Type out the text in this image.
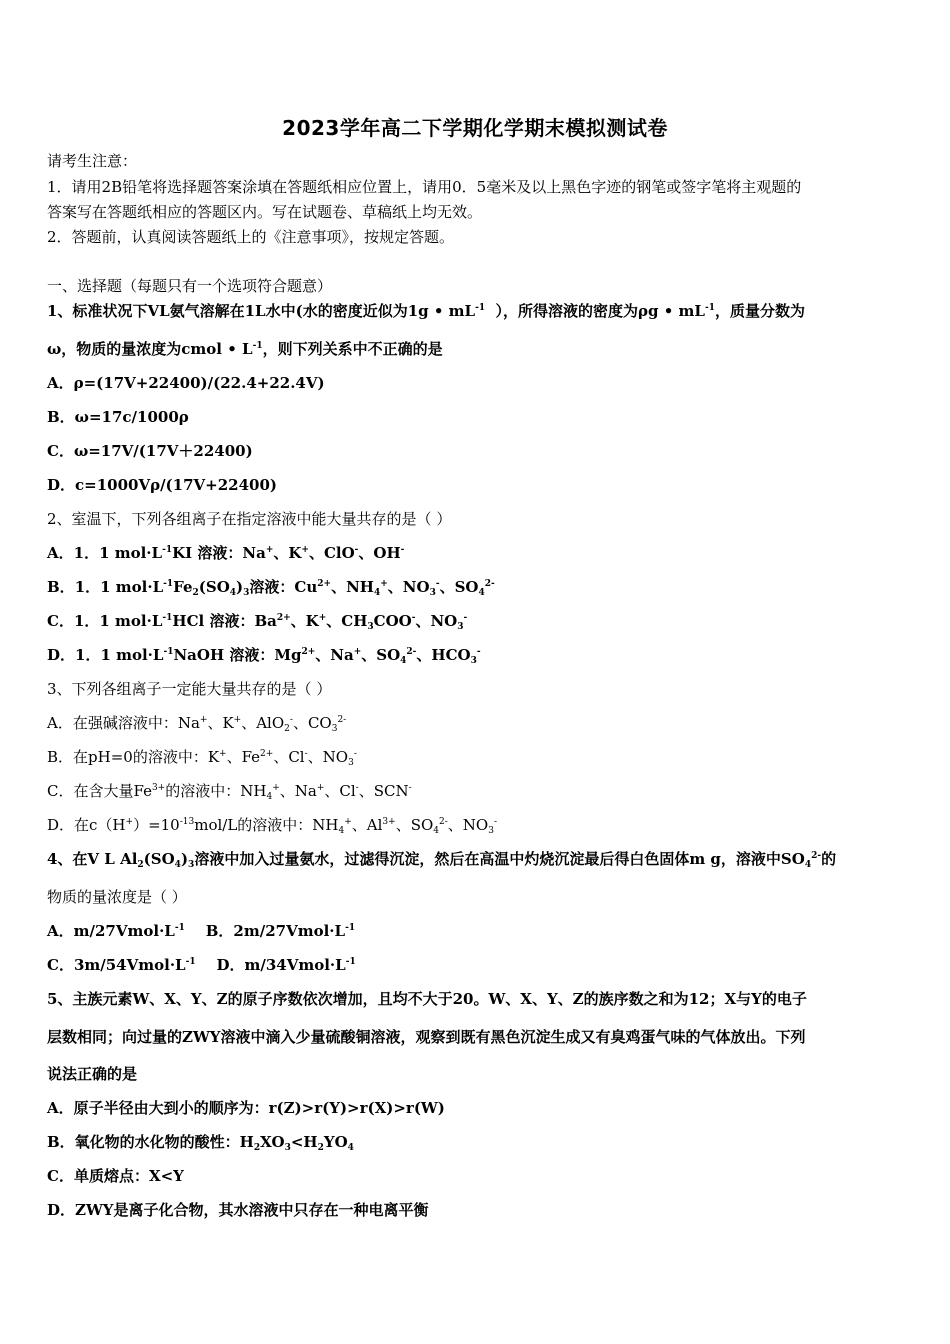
2023学年高二下学期化学期末模拟测试卷
请考生注意：
1．请用2B铅笔将选择题答案涂填在答题纸相应位置上，请用0．5毫米及以上黑色字迹的钢笔或签字笔将主观题的
答案写在答题纸相应的答题区内。写在试题卷、草稿纸上均无效。
2．答题前，认真阅读答题纸上的《注意事项》，按规定答题。
一、选择题（每题只有一个选项符合题意）
1、标准状况下VL氨气溶解在1L水中(水的密度近似为1g • $mL^{-1}$ ），所得溶液的密度为ρg • $mL^{-1}$，质量分数为
ω，物质的量浓度为cmol • $L^{-1}$，则下列关系中不正确的是
A．ρ=(17V+22400)/(22.4+22.4V)
B．ω=17c/1000ρ
C．ω=17V/(17V＋22400)
D．c=1000Vρ/(17V+22400)
2、室温下，下列各组离子在指定溶液中能大量共存的是（ ）
A．1．1 $mol\cdot L^{-1}KI$ 溶液：Na+、K+、ClO-、OH-
B．1．1 $mol\cdot L^{-1}Fe_2(SO_4)_3$溶液：$Cu^{2+}$、$NH_4^+$、$NO_3^-$、$SO_4^{2-}$
C．1．1 $mol\cdot L^{-1}HCl$ 溶液：$Ba^{2+}$、K+、$CH_3COO^-$、$NO_3^-$
D．1．1 $mol\cdot L^{-1}NaOH$ 溶液：$Mg^{2+}$、Na+、$SO_4^{2-}$、$HCO_3^-$
3、下列各组离子一定能大量共存的是（ ）
A．在强碱溶液中：Na+、K+、AlO$_2$-、$CO_3^{2-}$
B．在pH=0的溶液中：K+、$Fe^{2+}$、Cl-、$NO_3^-$
C．在含大量$Fe^{3+}$的溶液中：$NH_4^+$、Na+、Cl-、SCN-
D．在$c(H^+)=10^{-13}mol/L$的溶液中：$NH_4^+$、$Al^{3+}$、$SO_4^{2-}$、$NO_3^-$
4、在V L $Al_2(SO_4)_3$溶液中加入过量氨水，过滤得沉淀，然后在高温中灼烧沉淀最后得白色固体m g，溶液中$SO_4^{2-}$的
物质的量浓度是（ ）
A．$m/27Vmol\cdot L^{-1}$ B．$2m/27Vmol\cdot L^{-1}$
C．$3m/54Vmol\cdot L^{-1}$ D．$m/34Vmol\cdot L^{-1}$
5、主族元素W、X、Y、Z的原子序数依次增加，且均不大于20。W、X、Y、Z的族序数之和为12；X与Y的电子
层数相同；向过量的ZWY溶液中滴入少量硫酸铜溶液，观察到既有黑色沉淀生成又有臭鸡蛋气味的气体放出。下列
说法正确的是
A．原子半径由大到小的顺序为：r(Z)>r(Y)>r(X)>r(W)
B．氧化物的水化物的酸性：$H_2XO_3<H_2YO_4$
C．单质熔点：X<Y
D．ZWY是离子化合物，其水溶液中只存在一种电离平衡
